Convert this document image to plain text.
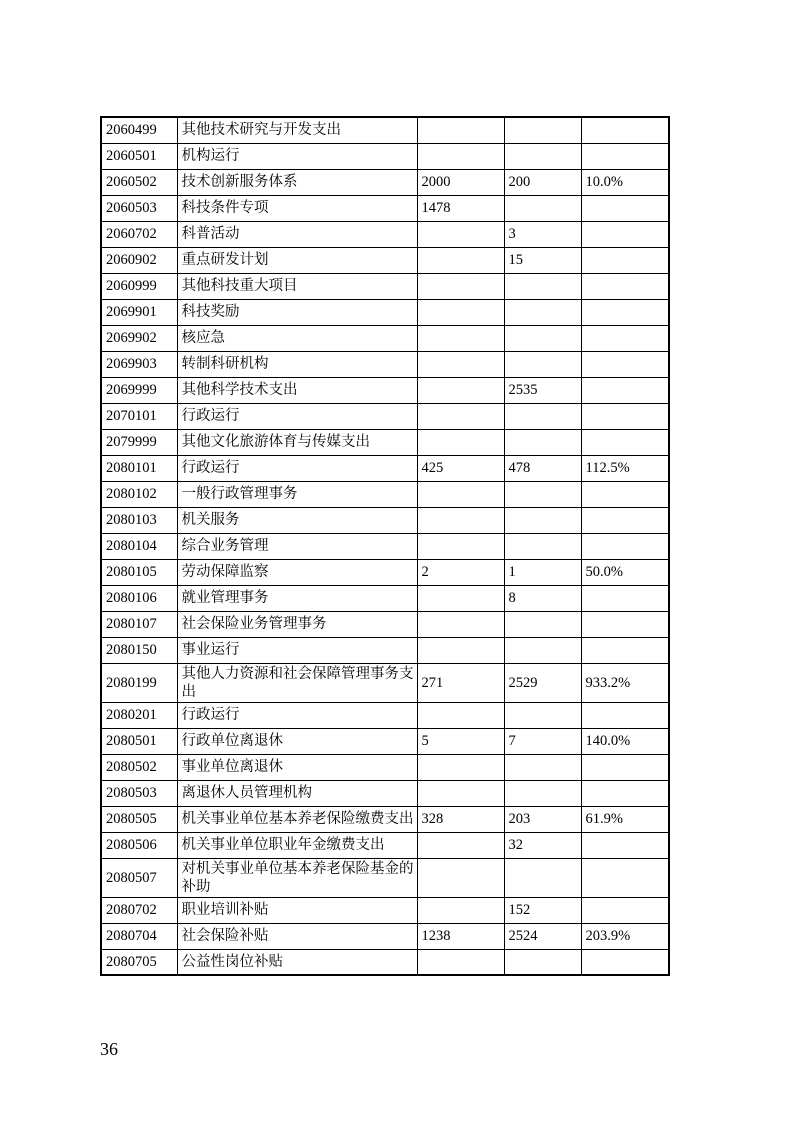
2060499	其他技术研究与开发支出			
2060501	机构运行			
2060502	技术创新服务体系	2000	200	10.0%
2060503	科技条件专项	1478		
2060702	科普活动		3	
2060902	重点研发计划		15	
2060999	其他科技重大项目			
2069901	科技奖励			
2069902	核应急			
2069903	转制科研机构			
2069999	其他科学技术支出		2535	
2070101	行政运行			
2079999	其他文化旅游体育与传媒支出			
2080101	行政运行	425	478	112.5%
2080102	一般行政管理事务			
2080103	机关服务			
2080104	综合业务管理			
2080105	劳动保障监察	2	1	50.0%
2080106	就业管理事务		8	
2080107	社会保险业务管理事务			
2080150	事业运行			
2080199	其他人力资源和社会保障管理事务支出	271	2529	933.2%
2080201	行政运行			
2080501	行政单位离退休	5	7	140.0%
2080502	事业单位离退休			
2080503	离退休人员管理机构			
2080505	机关事业单位基本养老保险缴费支出	328	203	61.9%
2080506	机关事业单位职业年金缴费支出		32	
2080507	对机关事业单位基本养老保险基金的补助			
2080702	职业培训补贴		152	
2080704	社会保险补贴	1238	2524	203.9%
2080705	公益性岗位补贴			
36
